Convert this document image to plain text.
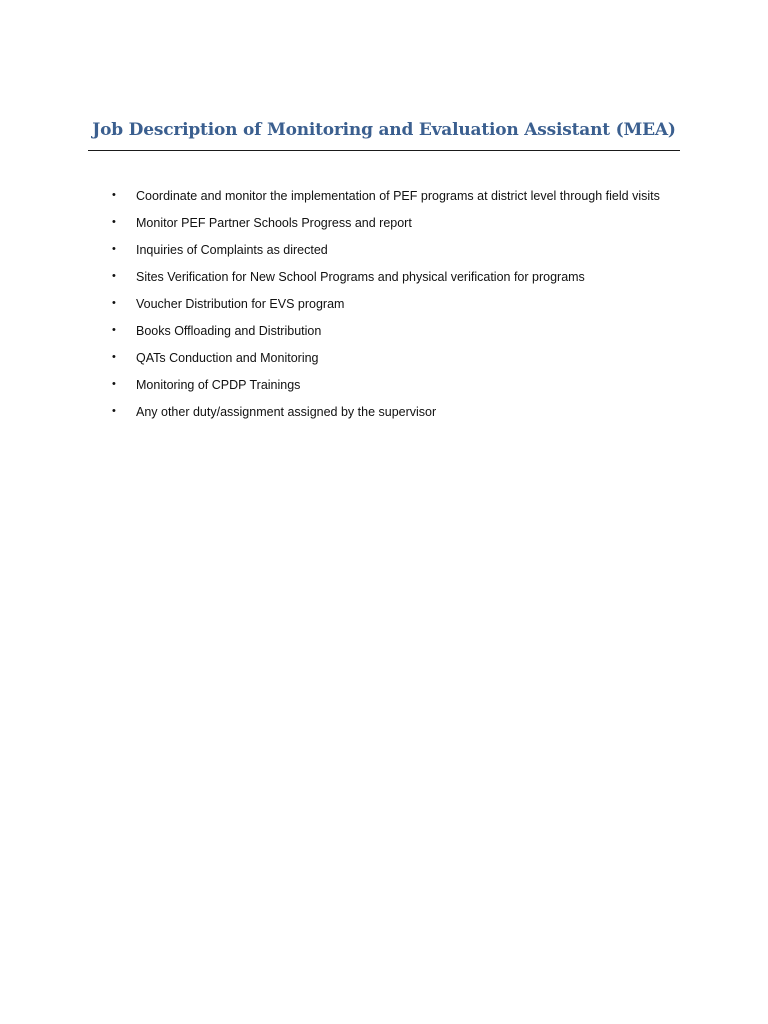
Job Description of Monitoring and Evaluation Assistant (MEA)
•	Coordinate and monitor the implementation of PEF programs at district level through field visits
•	Monitor PEF Partner Schools Progress and report
•	Inquiries of Complaints as directed
•	Sites Verification for New School Programs and physical verification for programs
•	Voucher Distribution for EVS program
•	Books Offloading and Distribution
•	QATs Conduction and Monitoring
•	Monitoring of CPDP Trainings
•	Any other duty/assignment assigned by the supervisor
